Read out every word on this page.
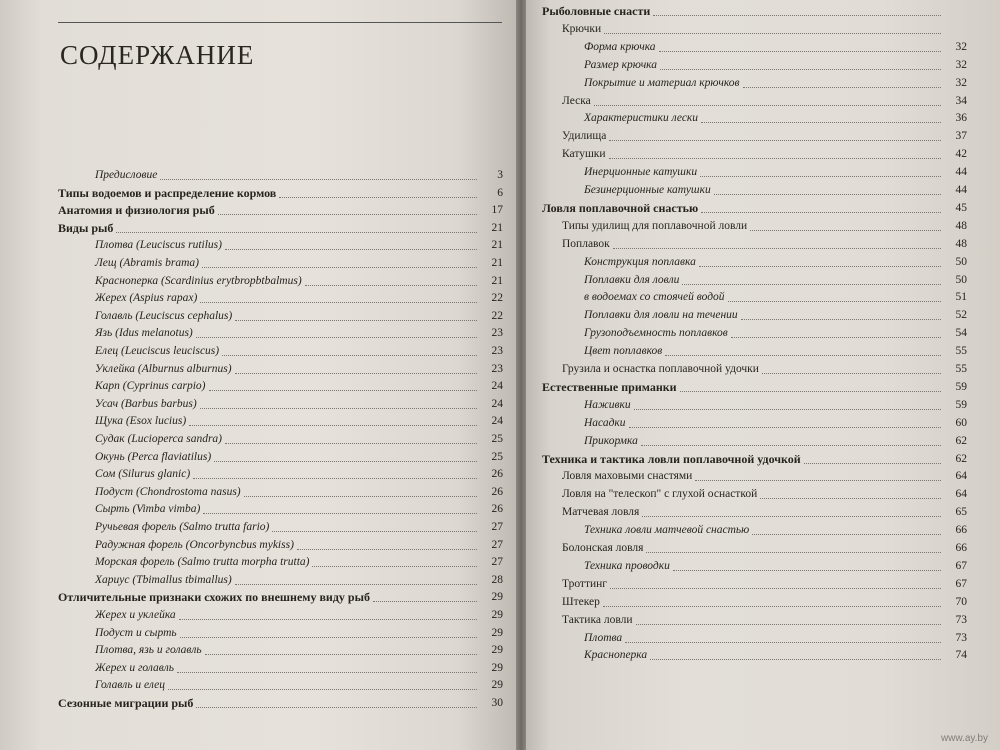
СОДЕРЖАНИЕ
Предисловие	3
Типы водоемов и распределение кормов	6
Анатомия и физиология рыб	17
Виды рыб	21
Плотва (Leuciscus rutilus)	21
Лещ (Abramis brama)	21
Красноперка (Scardinius erytbropbtbalmus)	21
Жерех (Aspius rapax)	22
Голавль (Leuciscus cephalus)	22
Язь (Idus melanotus)	23
Елец (Leuciscus leuciscus)	23
Уклейка (Alburnus alburnus)	23
Карп (Cyprinus carpio)	24
Усач (Barbus barbus)	24
Щука (Esox lucius)	24
Судак (Lucioperca sandra)	25
Окунь (Perca flaviatilus)	25
Сом (Silurus glanic)	26
Подуст (Chondrostoma nasus)	26
Сырть (Vimba vimba)	26
Ручьевая форель (Salmo trutta fario)	27
Радужная форель (Oncorbyncbus mykiss)	27
Морская форель (Salmo trutta morpha trutta)	27
Хариус (Tbimallus tbimallus)	28
Отличительные признаки схожих по внешнему виду рыб	29
Жерех и уклейка	29
Подуст и сырть	29
Плотва, язь и голавль	29
Жерех и голавль	29
Голавль и елец	29
Сезонные миграции рыб	30
Рыболовные снасти
Крючки
Форма крючка	32
Размер крючка	32
Покрытие и материал крючков	32
Леска	34
Характеристики лески	36
Удилища	37
Катушки	42
Инерционные катушки	44
Безинерционные катушки	44
Ловля поплавочной снастью	45
Типы удилищ для поплавочной ловли	48
Поплавок	48
Конструкция поплавка	50
Поплавки для ловли	50
в водоемах со стоячей водой	51
Поплавки для ловли на течении	52
Грузоподъемность поплавков	54
Цвет поплавков	55
Грузила и оснастка поплавочной удочки	55
Естественные приманки	59
Наживки	59
Насадки	60
Прикормка	62
Техника и тактика ловли поплавочной удочкой	62
Ловля маховыми снастями	64
Ловля на "телескоп" с глухой оснасткой	64
Матчевая ловля	65
Техника ловли матчевой снастью	66
Болонская ловля	66
Техника проводки	67
Троттинг	67
Штекер	70
Тактика ловли	73
Плотва	73
Красноперка	74
www.ay.by
